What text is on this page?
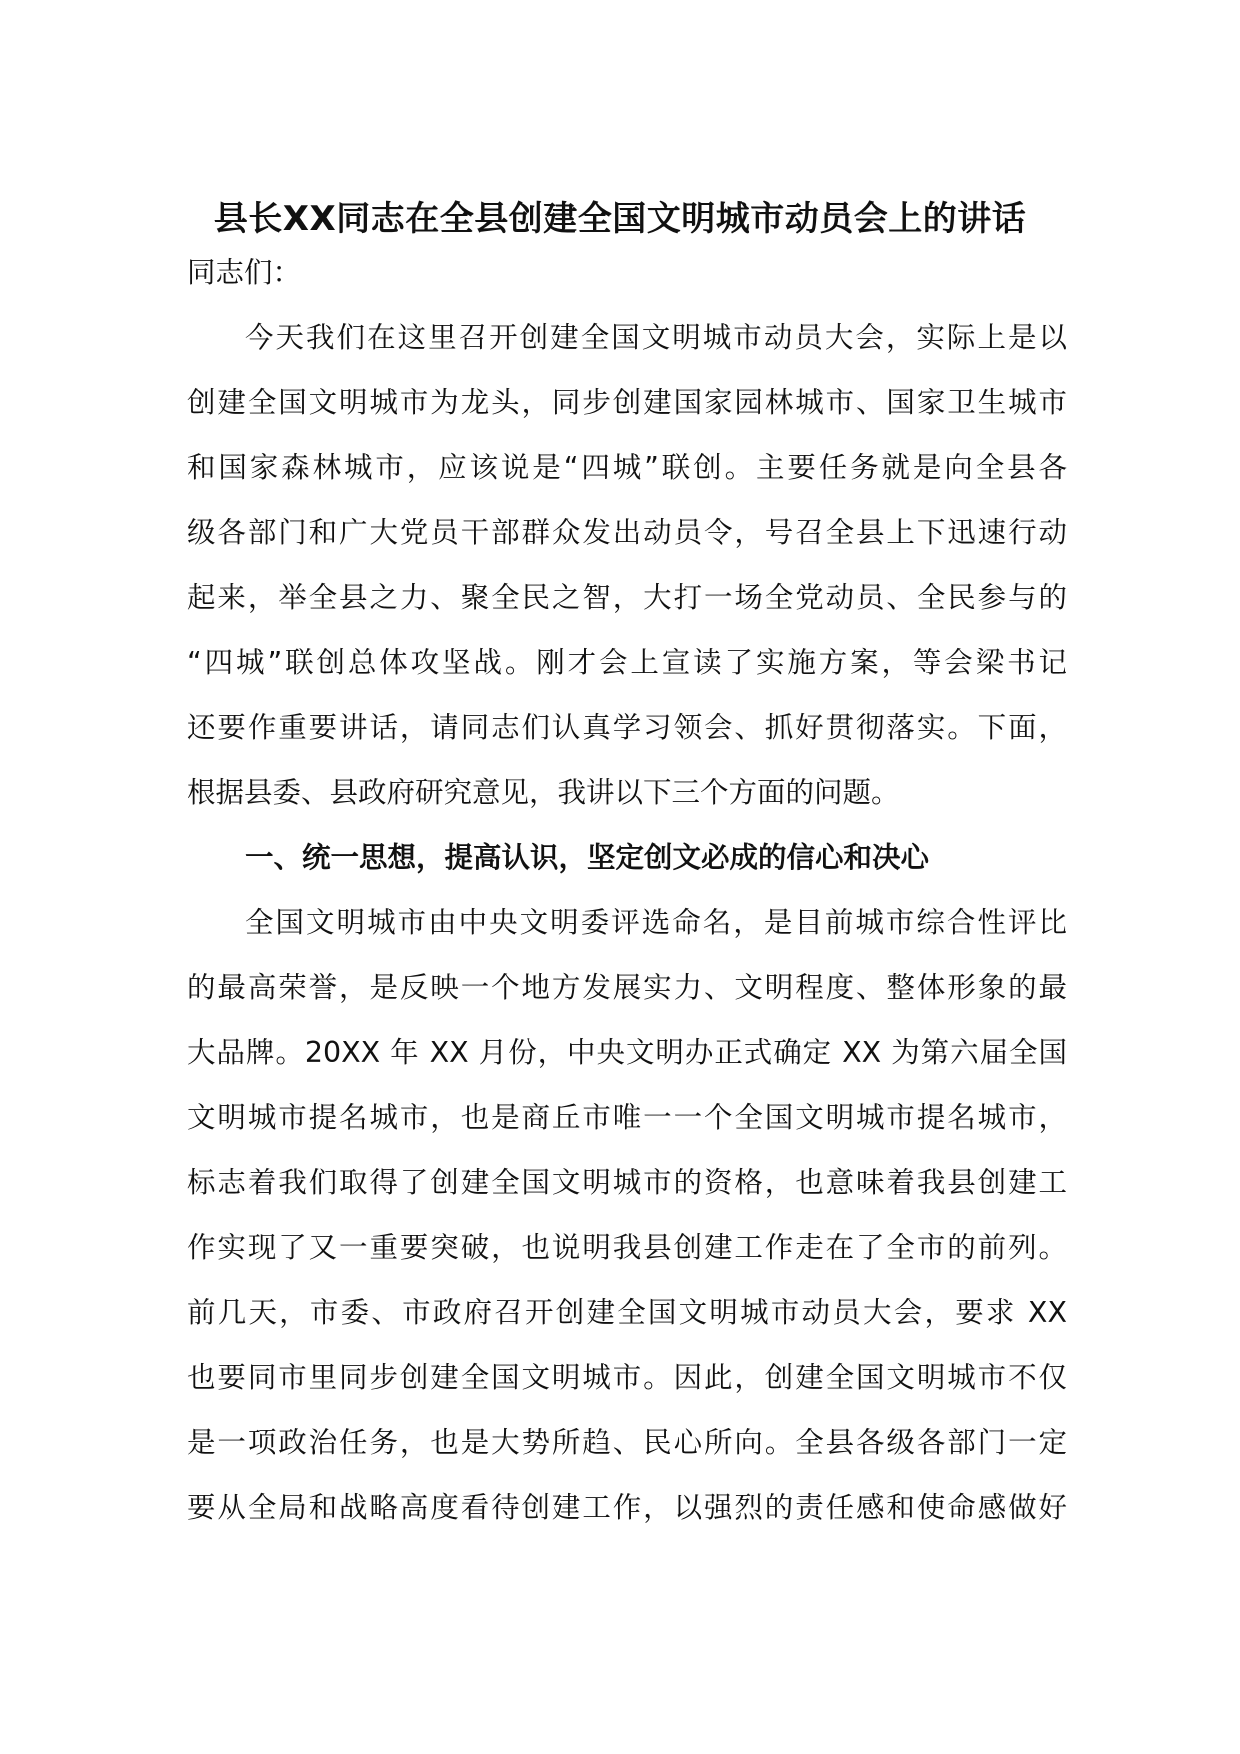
县长XX同志在全县创建全国文明城市动员会上的讲话
同志们：
今天我们在这里召开创建全国文明城市动员大会，实际上是以
创建全国文明城市为龙头，同步创建国家园林城市、国家卫生城市
和国家森林城市，应该说是“四城”联创。主要任务就是向全县各
级各部门和广大党员干部群众发出动员令，号召全县上下迅速行动
起来，举全县之力、聚全民之智，大打一场全党动员、全民参与的
“四城”联创总体攻坚战。刚才会上宣读了实施方案，等会梁书记
还要作重要讲话，请同志们认真学习领会、抓好贯彻落实。下面，
根据县委、县政府研究意见，我讲以下三个方面的问题。
一、统一思想，提高认识，坚定创文必成的信心和决心
全国文明城市由中央文明委评选命名，是目前城市综合性评比
的最高荣誉，是反映一个地方发展实力、文明程度、整体形象的最
大品牌。20XX 年 XX 月份，中央文明办正式确定 XX 为第六届全国
文明城市提名城市，也是商丘市唯一一个全国文明城市提名城市，
标志着我们取得了创建全国文明城市的资格，也意味着我县创建工
作实现了又一重要突破，也说明我县创建工作走在了全市的前列。
前几天，市委、市政府召开创建全国文明城市动员大会，要求 XX
也要同市里同步创建全国文明城市。因此，创建全国文明城市不仅
是一项政治任务，也是大势所趋、民心所向。全县各级各部门一定
要从全局和战略高度看待创建工作，以强烈的责任感和使命感做好
